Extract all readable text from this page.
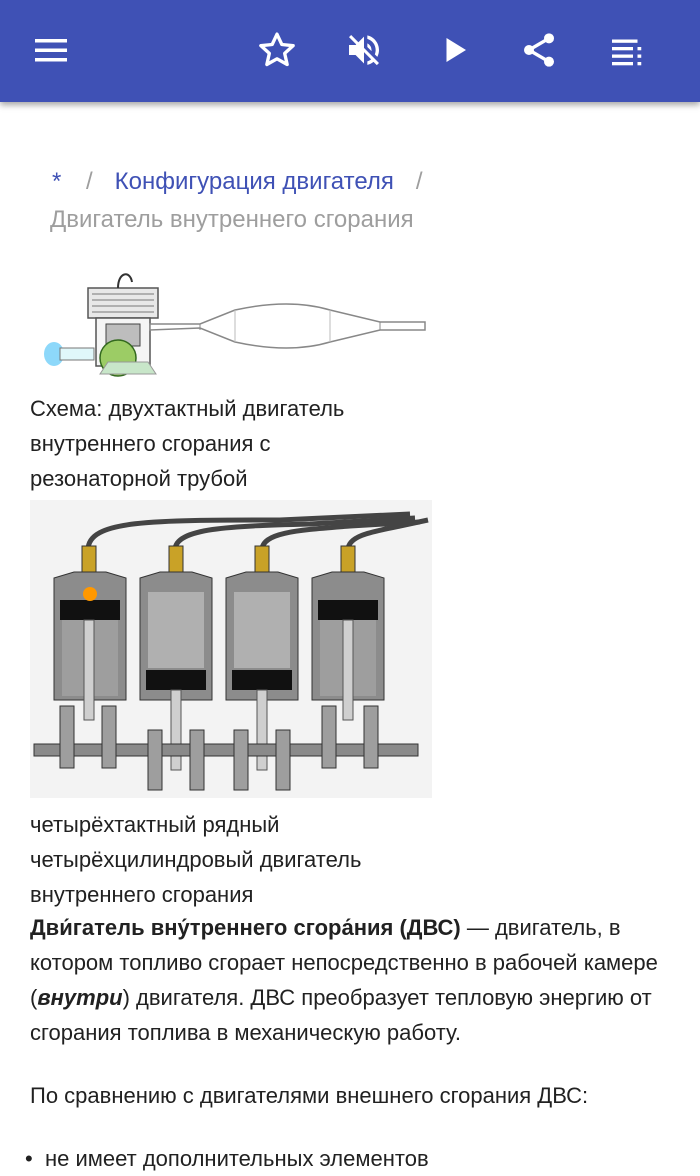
* / Конфигурация двигателя /
Двигатель внутреннего сгорания
Схема: двухтактный двигатель внутреннего сгорания с резонаторной трубой
четырёхтактный рядный четырёхцилиндровый двигатель внутреннего сгорания
Дви́гатель вну́треннего сгора́ния (ДВС) — двигатель, в котором топливо сгорает непосредственно в рабочей камере (внутри) двигателя. ДВС преобразует тепловую энергию от сгорания топлива в механическую работу.
По сравнению с двигателями внешнего сгорания ДВС:
• не имеет дополнительных элементов
